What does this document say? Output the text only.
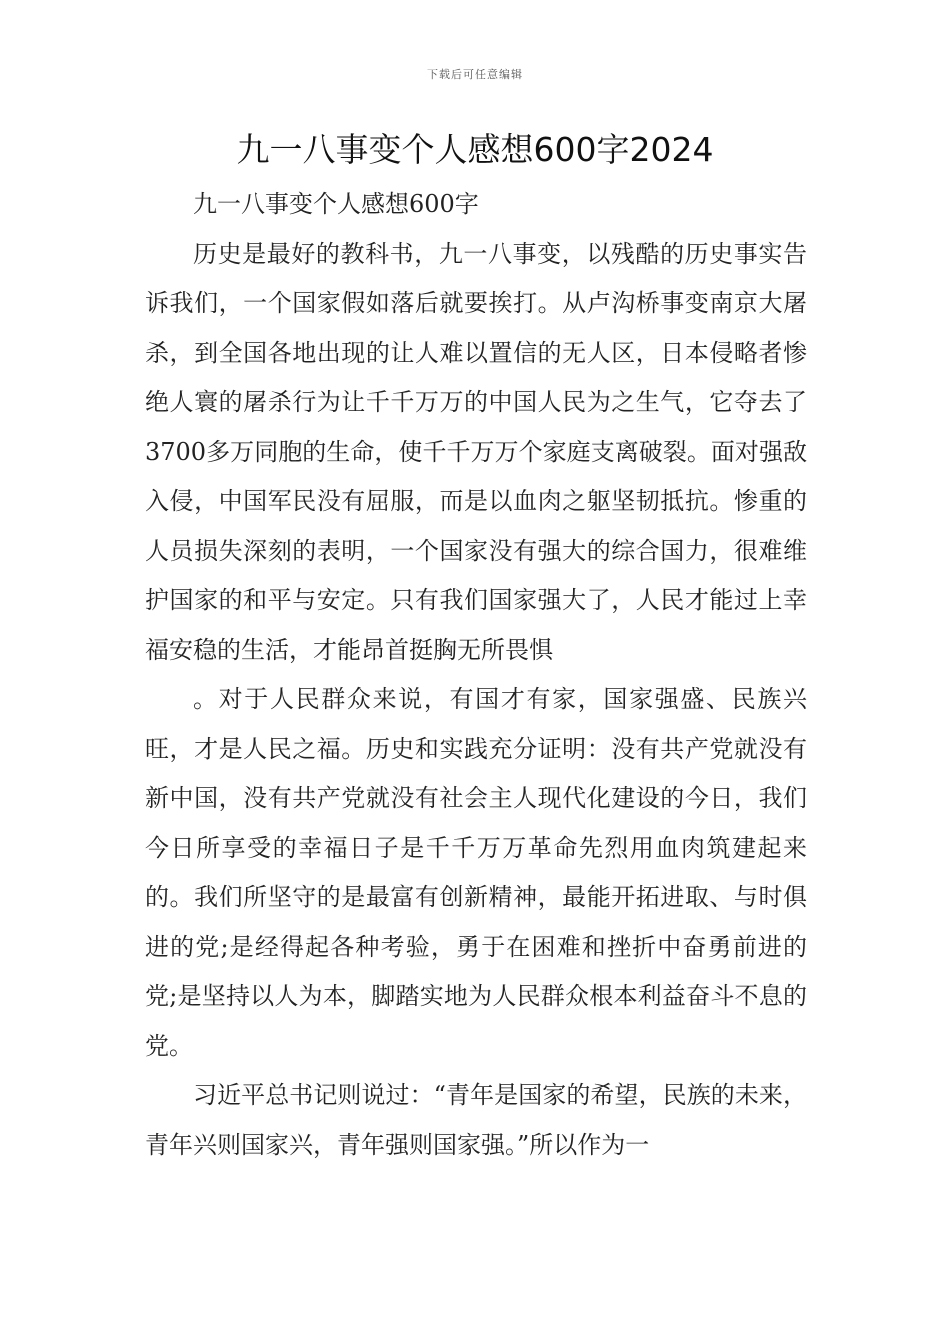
下载后可任意编辑
九一八事变个人感想600字2024

九一八事变个人感想600字

历史是最好的教科书，九一八事变，以残酷的历史事实告诉我们，一个国家假如落后就要挨打。从卢沟桥事变南京大屠杀，到全国各地出现的让人难以置信的无人区，日本侵略者惨绝人寰的屠杀行为让千千万万的中国人民为之生气，它夺去了3700多万同胞的生命，使千千万万个家庭支离破裂。面对强敌入侵，中国军民没有屈服，而是以血肉之躯坚韧抵抗。惨重的人员损失深刻的表明，一个国家没有强大的综合国力，很难维护国家的和平与安定。只有我们国家强大了，人民才能过上幸福安稳的生活，才能昂首挺胸无所畏惧

。对于人民群众来说，有国才有家，国家强盛、民族兴旺，才是人民之福。历史和实践充分证明：没有共产党就没有新中国，没有共产党就没有社会主人现代化建设的今日，我们今日所享受的幸福日子是千千万万革命先烈用血肉筑建起来的。我们所坚守的是最富有创新精神，最能开拓进取、与时俱进的党;是经得起各种考验，勇于在困难和挫折中奋勇前进的党;是坚持以人为本，脚踏实地为人民群众根本利益奋斗不息的党。

习近平总书记则说过：“青年是国家的希望，民族的未来，青年兴则国家兴，青年强则国家强。”所以作为一
